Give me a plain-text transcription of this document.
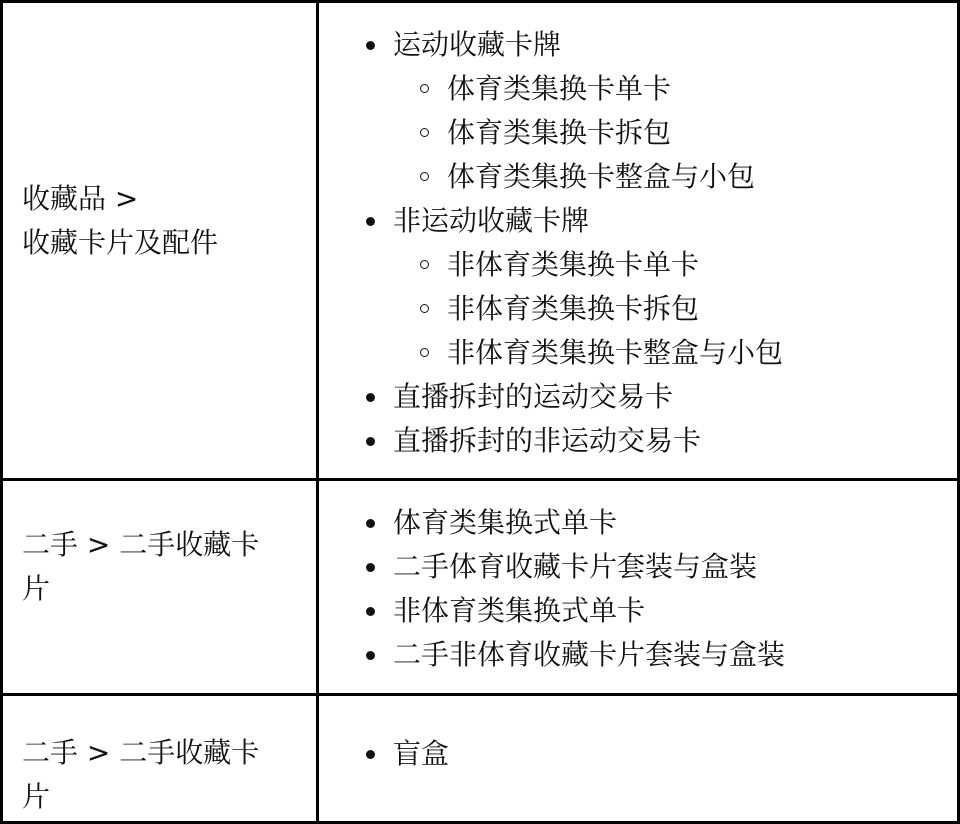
收藏品 >
收藏卡片及配件
运动收藏卡牌
体育类集换卡单卡
体育类集换卡拆包
体育类集换卡整盒与小包
非运动收藏卡牌
非体育类集换卡单卡
非体育类集换卡拆包
非体育类集换卡整盒与小包
直播拆封的运动交易卡
直播拆封的非运动交易卡
二手 > 二手收藏卡
片
体育类集换式单卡
二手体育收藏卡片套装与盒装
非体育类集换式单卡
二手非体育收藏卡片套装与盒装
二手 > 二手收藏卡
片
盲盒
